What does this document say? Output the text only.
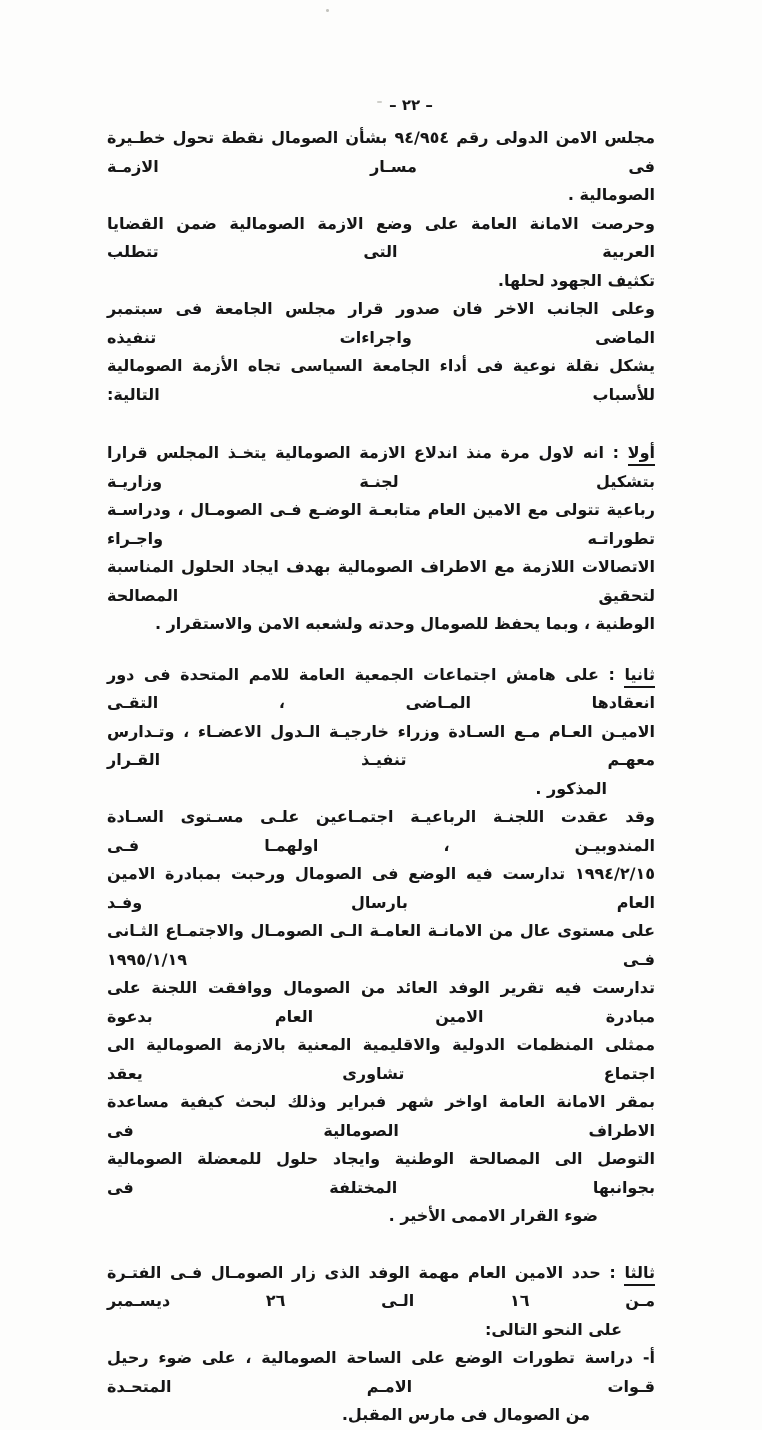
– ٢٢ –
مجلس الامن الدولى رقم ٩٤/٩٥٤ بشأن الصومال نقطة تحول خطـيرة فى مسـار الازمـة
الصومالية .
وحرصت الامانة العامة على وضع الازمة الصومالية ضمن القضايا العربية التى تتطلب
تكثيف الجهود لحلها.
وعلى الجانب الاخر فان صدور قرار مجلس الجامعة فى سبتمبر الماضى واجراءات تنفيذه
يشكل نقلة نوعية فى أداء الجامعة السياسى تجاه الأزمة الصومالية للأسباب التالية:
أولا : انه لاول مرة منذ اندلاع الازمة الصومالية يتخـذ المجلس قرارا بتشكيل لجنـة وزاريـة
رباعية تتولى مع الامين العام متابعـة الوضـع فـى الصومـال ، ودراسـة تطوراتـه واجـراء
الاتصالات اللازمة مع الاطراف الصومالية بهدف ايجاد الحلول المناسبة لتحقيق المصالحة
الوطنية ، وبما يحفظ للصومال وحدته ولشعبه الامن والاستقرار .
ثانيا : على هامش اجتماعات الجمعية العامة للامم المتحدة فى دور انعقادها المـاضى ، التقـى
الاميـن العـام مـع السـادة وزراء خارجيـة الـدول الاعضـاء ، وتـدارس معهـم تنفيـذ القـرار
المذكور .
وقد عقدت اللجنـة الرباعيـة اجتمـاعين علـى مسـتوى السـادة المندوبيـن ، اولهمـا فـى
١٩٩٤/٢/١٥ تدارست فيه الوضع فى الصومال ورحبت بمبادرة الامين العام بارسال وفـد
على مستوى عال من الامانـة العامـة الـى الصومـال والاجتمـاع الثـانى فـى ١٩٩٥/١/١٩
تدارست فيه تقرير الوفد العائد من الصومال ووافقت اللجنة على مبادرة الامين العام بدعوة
ممثلى المنظمات الدولية والاقليمية المعنية بالازمة الصومالية الى اجتماع تشاورى يعقد
بمقر الامانة العامة اواخر شهر فبراير وذلك لبحث كيفية مساعدة الاطراف الصومالية فى
التوصل الى المصالحة الوطنية وايجاد حلول للمعضلة الصومالية بجوانبها المختلفة فى
ضوء القرار الاممى الأخير .
ثالثا : حدد الامين العام مهمة الوفد الذى زار الصومـال فـى الفتـرة مـن ١٦ الـى ٢٦ ديسـمبر
على النحو التالى:
أ- دراسة تطورات الوضع على الساحة الصومالية ، على ضوء رحيل قـوات الامـم المتحـدة
من الصومال فى مارس المقبل.
